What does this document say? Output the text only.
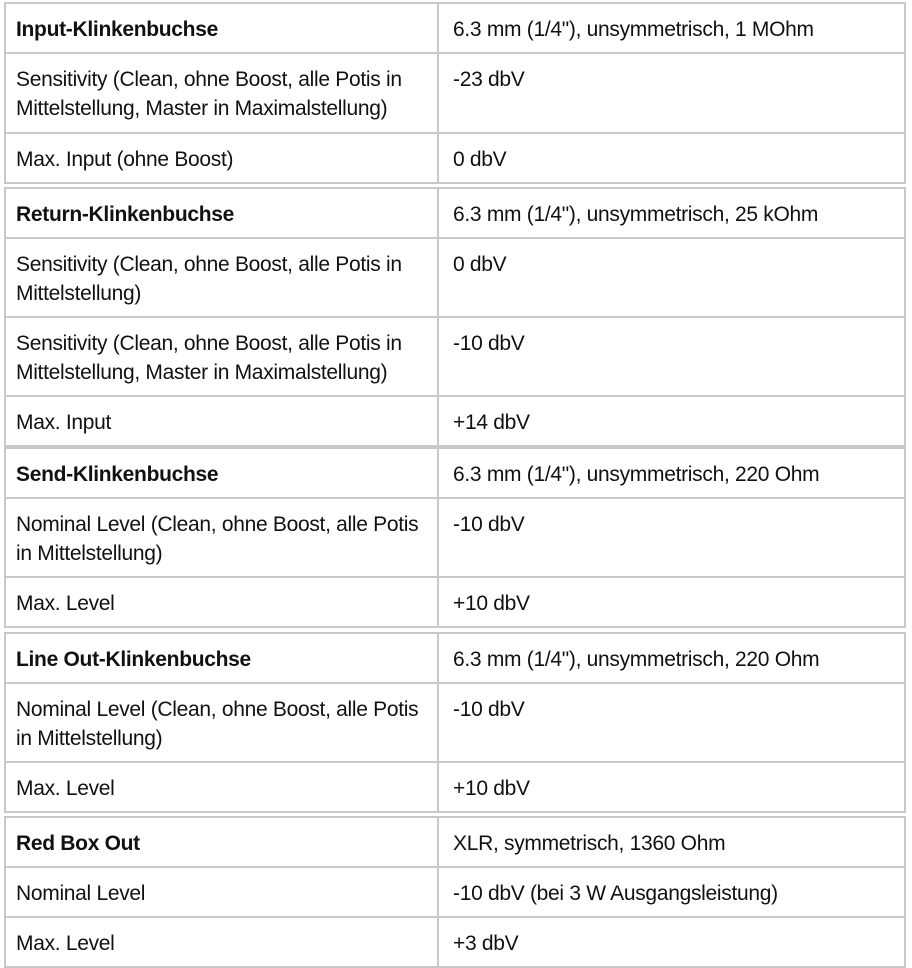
Input-Klinkenbuchse	6.3 mm (1/4"), unsymmetrisch, 1 MOhm
Sensitivity (Clean, ohne Boost, alle Potis in Mittelstellung, Master in Maximalstellung)	-23 dbV
Max. Input (ohne Boost)	0 dbV
Return-Klinkenbuchse	6.3 mm (1/4"), unsymmetrisch, 25 kOhm
Sensitivity (Clean, ohne Boost, alle Potis in Mittelstellung)	0 dbV
Sensitivity (Clean, ohne Boost, alle Potis in Mittelstellung, Master in Maximalstellung)	-10 dbV
Max. Input	+14 dbV
Send-Klinkenbuchse	6.3 mm (1/4"), unsymmetrisch, 220 Ohm
Nominal Level (Clean, ohne Boost, alle Potis in Mittelstellung)	-10 dbV
Max. Level	+10 dbV
Line Out-Klinkenbuchse	6.3 mm (1/4"), unsymmetrisch, 220 Ohm
Nominal Level (Clean, ohne Boost, alle Potis in Mittelstellung)	-10 dbV
Max. Level	+10 dbV
Red Box Out	XLR, symmetrisch, 1360 Ohm
Nominal Level	-10 dbV (bei 3 W Ausgangsleistung)
Max. Level	+3 dbV
